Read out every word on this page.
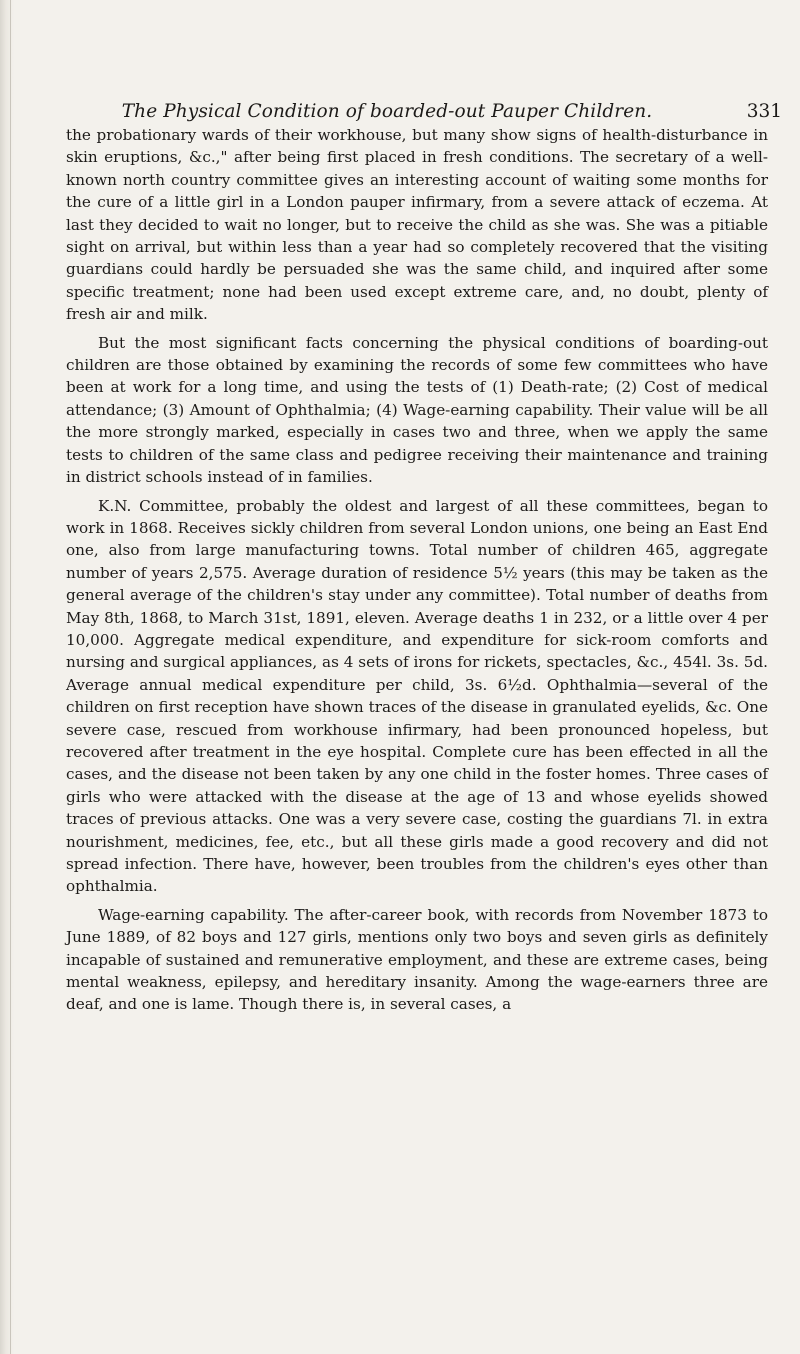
The Physical Condition of boarded-out Pauper Children.	331

the probationary wards of their workhouse, but many show signs of health-disturbance in skin eruptions, &c.," after being first placed in fresh conditions. The secretary of a well-known north country committee gives an interesting account of waiting some months for the cure of a little girl in a London pauper infirmary, from a severe attack of eczema. At last they decided to wait no longer, but to receive the child as she was. She was a pitiable sight on arrival, but within less than a year had so completely recovered that the visiting guardians could hardly be persuaded she was the same child, and inquired after some specific treatment; none had been used except extreme care, and, no doubt, plenty of fresh air and milk.

But the most significant facts concerning the physical conditions of boarding-out children are those obtained by examining the records of some few committees who have been at work for a long time, and using the tests of (1) Death-rate; (2) Cost of medical attendance; (3) Amount of Ophthalmia; (4) Wage-earning capability. Their value will be all the more strongly marked, especially in cases two and three, when we apply the same tests to children of the same class and pedigree receiving their maintenance and training in district schools instead of in families.

K.N. Committee, probably the oldest and largest of all these committees, began to work in 1868. Receives sickly children from several London unions, one being an East End one, also from large manufacturing towns. Total number of children 465, aggregate number of years 2,575. Average duration of residence 5½ years (this may be taken as the general average of the children's stay under any committee). Total number of deaths from May 8th, 1868, to March 31st, 1891, eleven. Average deaths 1 in 232, or a little over 4 per 10,000. Aggregate medical expenditure, and expenditure for sick-room comforts and nursing and surgical appliances, as 4 sets of irons for rickets, spectacles, &c., 454l. 3s. 5d. Average annual medical expenditure per child, 3s. 6½d. Ophthalmia—several of the children on first reception have shown traces of the disease in granulated eyelids, &c. One severe case, rescued from workhouse infirmary, had been pronounced hopeless, but recovered after treatment in the eye hospital. Complete cure has been effected in all the cases, and the disease not been taken by any one child in the foster homes. Three cases of girls who were attacked with the disease at the age of 13 and whose eyelids showed traces of previous attacks. One was a very severe case, costing the guardians 7l. in extra nourishment, medicines, fee, etc., but all these girls made a good recovery and did not spread infection. There have, however, been troubles from the children's eyes other than ophthalmia.

Wage-earning capability. The after-career book, with records from November 1873 to June 1889, of 82 boys and 127 girls, mentions only two boys and seven girls as definitely incapable of sustained and remunerative employment, and these are extreme cases, being mental weakness, epilepsy, and hereditary insanity. Among the wage-earners three are deaf, and one is lame. Though there is, in several cases, a
